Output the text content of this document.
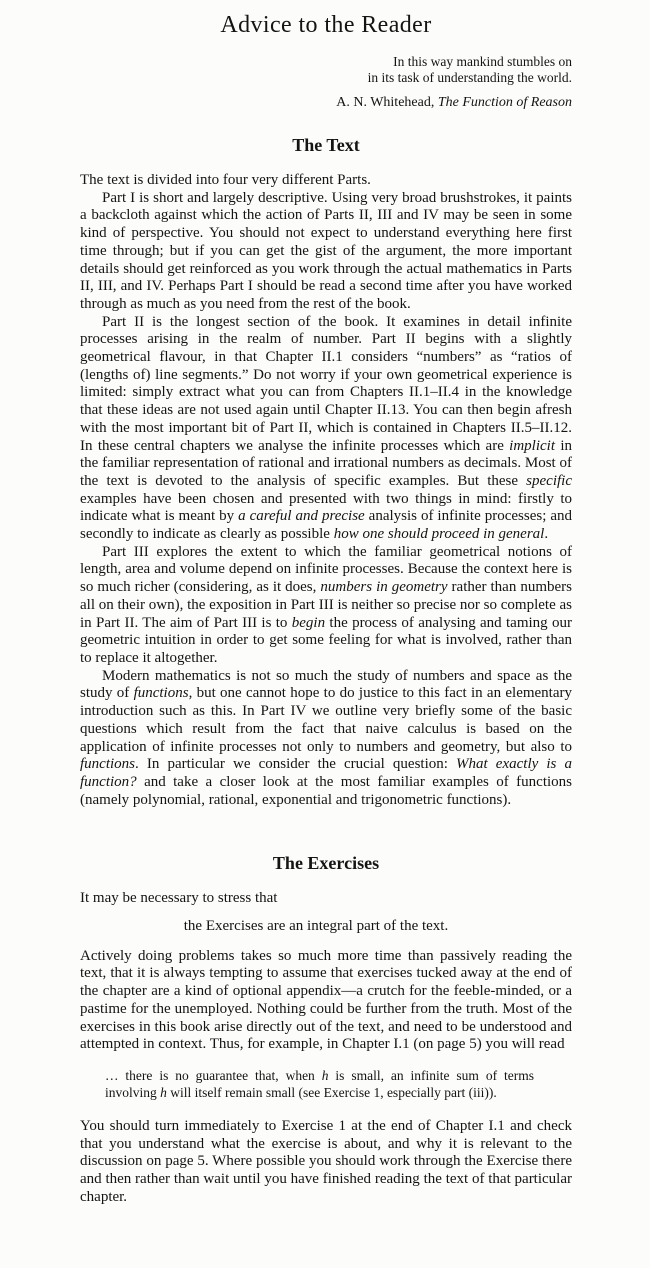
Advice to the Reader
In this way mankind stumbles on
in its task of understanding the world.
A. N. Whitehead, The Function of Reason
The Text

The text is divided into four very different Parts.

Part I is short and largely descriptive. Using very broad brushstrokes, it paints a backcloth against which the action of Parts II, III and IV may be seen in some kind of perspective. You should not expect to understand everything here first time through; but if you can get the gist of the argument, the more important details should get reinforced as you work through the actual mathematics in Parts II, III, and IV. Perhaps Part I should be read a second time after you have worked through as much as you need from the rest of the book.

Part II is the longest section of the book. It examines in detail infinite processes arising in the realm of number. Part II begins with a slightly geometrical flavour, in that Chapter II.1 considers “numbers” as “ratios of (lengths of) line segments.” Do not worry if your own geometrical experience is limited: simply extract what you can from Chapters II.1–II.4 in the knowledge that these ideas are not used again until Chapter II.13. You can then begin afresh with the most important bit of Part II, which is contained in Chapters II.5–II.12. In these central chapters we analyse the infinite processes which are implicit in the familiar representation of rational and irrational numbers as decimals. Most of the text is devoted to the analysis of specific examples. But these specific examples have been chosen and presented with two things in mind: firstly to indicate what is meant by a careful and precise analysis of infinite processes; and secondly to indicate as clearly as possible how one should proceed in general.

Part III explores the extent to which the familiar geometrical notions of length, area and volume depend on infinite processes. Because the context here is so much richer (considering, as it does, numbers in geometry rather than numbers all on their own), the exposition in Part III is neither so precise nor so complete as in Part II. The aim of Part III is to begin the process of analysing and taming our geometric intuition in order to get some feeling for what is involved, rather than to replace it altogether.

Modern mathematics is not so much the study of numbers and space as the study of functions, but one cannot hope to do justice to this fact in an elementary introduction such as this. In Part IV we outline very briefly some of the basic questions which result from the fact that naive calculus is based on the application of infinite processes not only to numbers and geometry, but also to functions. In particular we consider the crucial question: What exactly is a function? and take a closer look at the most familiar examples of functions (namely polynomial, rational, exponential and trigonometric functions).

The Exercises

It may be necessary to stress that

the Exercises are an integral part of the text.

Actively doing problems takes so much more time than passively reading the text, that it is always tempting to assume that exercises tucked away at the end of the chapter are a kind of optional appendix—a crutch for the feeble-minded, or a pastime for the unemployed. Nothing could be further from the truth. Most of the exercises in this book arise directly out of the text, and need to be understood and attempted in context. Thus, for example, in Chapter I.1 (on page 5) you will read

… there is no guarantee that, when h is small, an infinite sum of terms involving h will itself remain small (see Exercise 1, especially part (iii)).

You should turn immediately to Exercise 1 at the end of Chapter I.1 and check that you understand what the exercise is about, and why it is relevant to the discussion on page 5. Where possible you should work through the Exercise there and then rather than wait until you have finished reading the text of that particular chapter.
